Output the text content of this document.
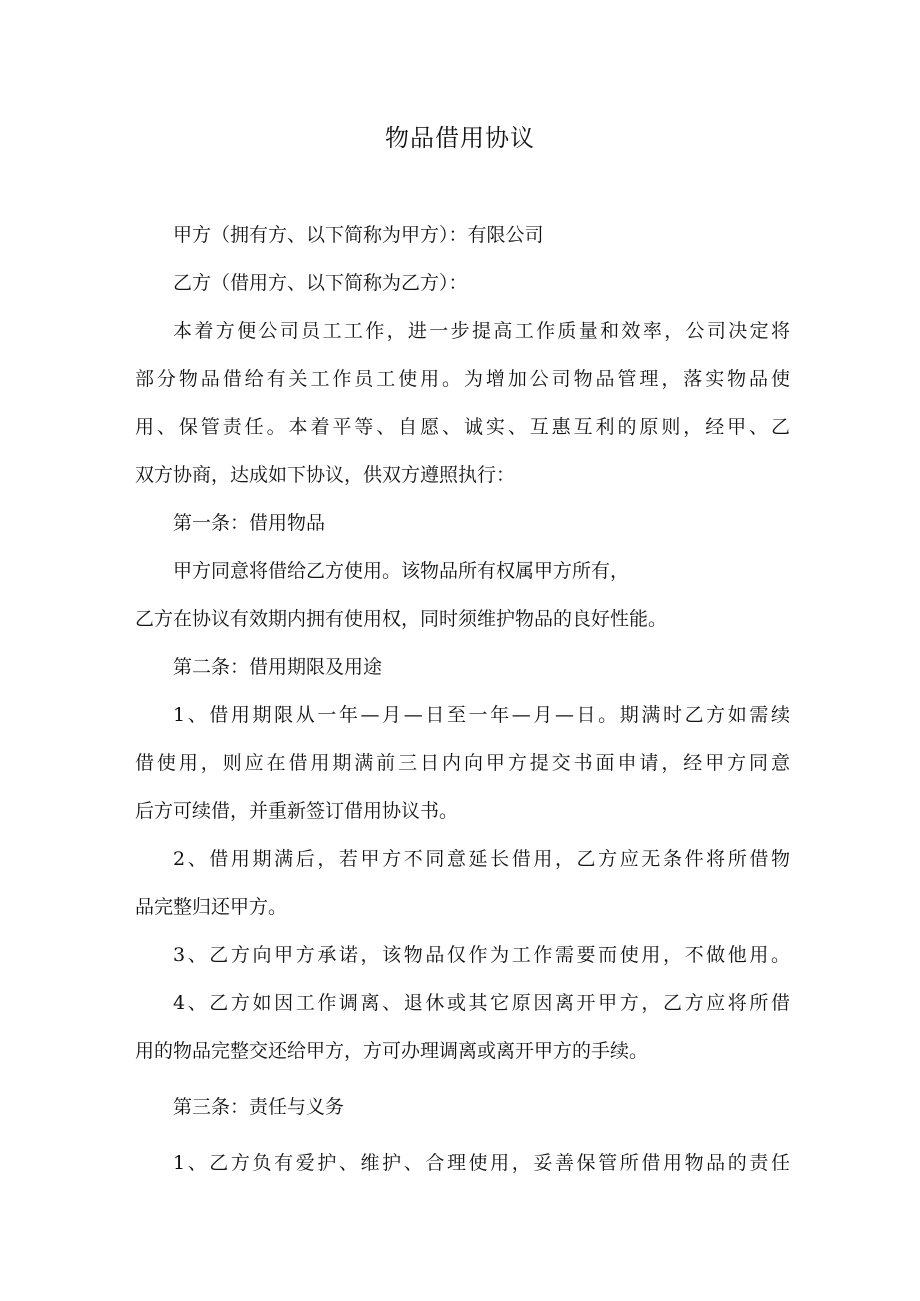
物品借用协议
甲方（拥有方、以下简称为甲方）：有限公司
乙方（借用方、以下简称为乙方）：
本着方便公司员工工作，进一步提高工作质量和效率，公司决定将
部分物品借给有关工作员工使用。为增加公司物品管理，落实物品使
用、保管责任。本着平等、自愿、诚实、互惠互利的原则，经甲、乙
双方协商，达成如下协议，供双方遵照执行：
第一条：借用物品
甲方同意将借给乙方使用。该物品所有权属甲方所有，
乙方在协议有效期内拥有使用权，同时须维护物品的良好性能。
第二条：借用期限及用途
1、借用期限从一年—月—日至一年—月—日。期满时乙方如需续
借使用，则应在借用期满前三日内向甲方提交书面申请，经甲方同意
后方可续借，并重新签订借用协议书。
2、借用期满后，若甲方不同意延长借用，乙方应无条件将所借物
品完整归还甲方。
3、乙方向甲方承诺，该物品仅作为工作需要而使用，不做他用。
4、乙方如因工作调离、退休或其它原因离开甲方，乙方应将所借
用的物品完整交还给甲方，方可办理调离或离开甲方的手续。
第三条：责任与义务
1、乙方负有爱护、维护、合理使用，妥善保管所借用物品的责任
